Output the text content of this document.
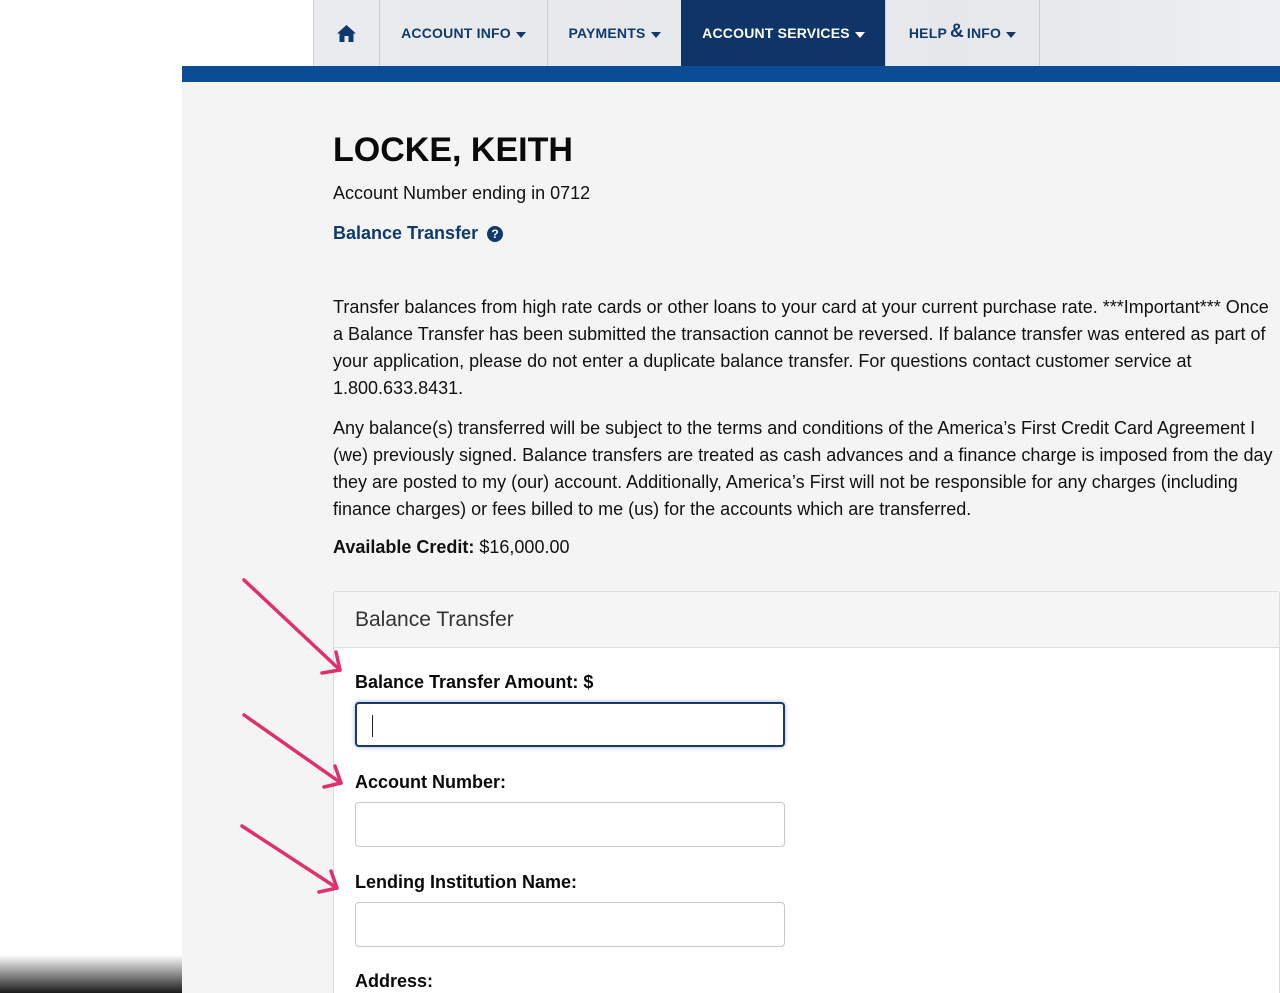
ACCOUNT INFO	PAYMENTS	ACCOUNT SERVICES	HELP & INFO
LOCKE, KEITH
Account Number ending in 0712
Balance Transfer	?

Transfer balances from high rate cards or other loans to your card at your current purchase rate. ***Important*** Once a Balance Transfer has been submitted the transaction cannot be reversed. If balance transfer was entered as part of your application, please do not enter a duplicate balance transfer. For questions contact customer service at 1.800.633.8431.

Any balance(s) transferred will be subject to the terms and conditions of the America’s First Credit Card Agreement I (we) previously signed. Balance transfers are treated as cash advances and a finance charge is imposed from the day they are posted to my (our) account. Additionally, America’s First will not be responsible for any charges (including finance charges) or fees billed to me (us) for the accounts which are transferred.

Available Credit: $16,000.00
Balance Transfer
Balance Transfer Amount: $
Account Number:
Lending Institution Name:
Address:
